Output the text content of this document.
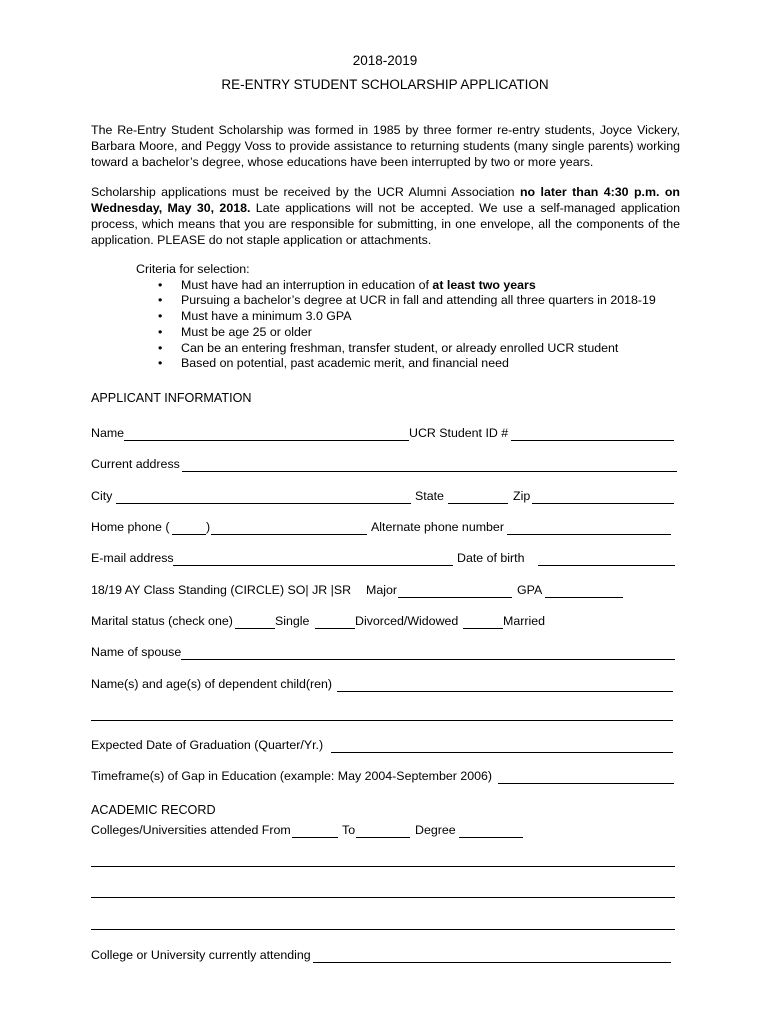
2018-2019
RE-ENTRY STUDENT SCHOLARSHIP APPLICATION

The Re-Entry Student Scholarship was formed in 1985 by three former re-entry students, Joyce Vickery, Barbara Moore, and Peggy Voss to provide assistance to returning students (many single parents) working toward a bachelor’s degree, whose educations have been interrupted by two or more years.

Scholarship applications must be received by the UCR Alumni Association no later than 4:30 p.m. on Wednesday, May 30, 2018. Late applications will not be accepted. We use a self-managed application process, which means that you are responsible for submitting, in one envelope, all the components of the application. PLEASE do not staple application or attachments.

Criteria for selection:
• Must have had an interruption in education of at least two years
• Pursuing a bachelor’s degree at UCR in fall and attending all three quarters in 2018-19
• Must have a minimum 3.0 GPA
• Must be age 25 or older
• Can be an entering freshman, transfer student, or already enrolled UCR student
• Based on potential, past academic merit, and financial need
APPLICANT INFORMATION
Name	UCR Student ID #
Current address
City	State	Zip
Home phone (	)	Alternate phone number
E-mail address	Date of birth
18/19 AY Class Standing (CIRCLE) SO| JR |SR Major	GPA
Marital status (check one)	Single	Divorced/Widowed	Married
Name of spouse
Name(s) and age(s) of dependent child(ren)
Expected Date of Graduation (Quarter/Yr.)
Timeframe(s) of Gap in Education (example: May 2004-September 2006)
ACADEMIC RECORD
Colleges/Universities attended From	To	Degree
College or University currently attending
